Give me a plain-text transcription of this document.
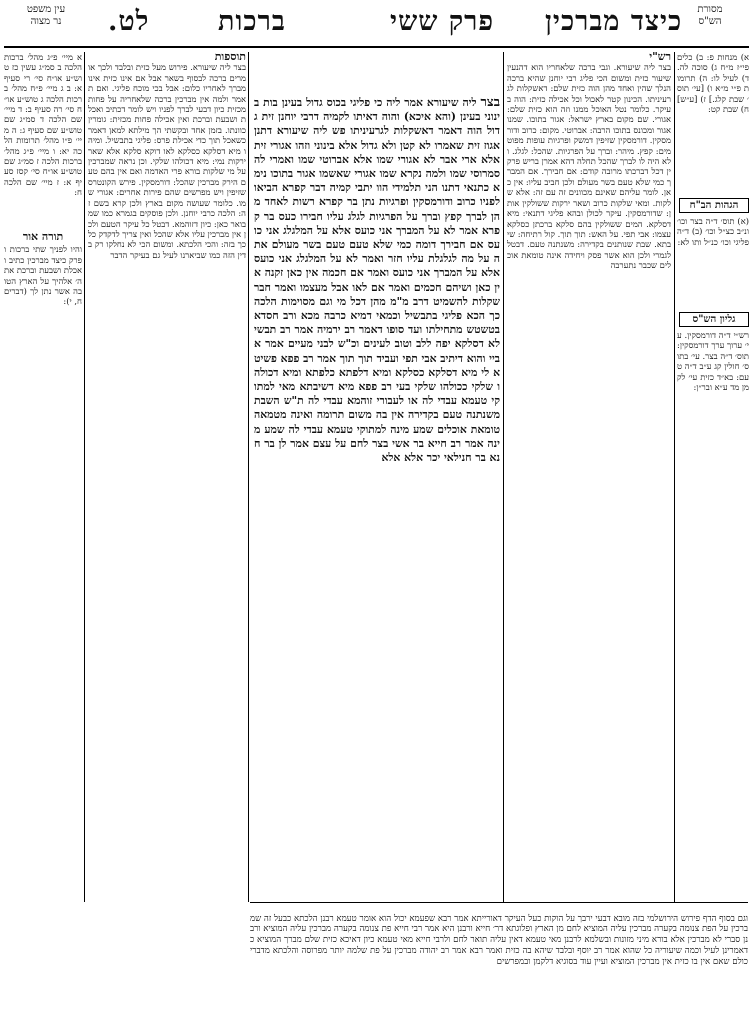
עין משפט
נר מצוה	לט.	ברכות	פרק ששי כיצד מברכין	מסורת
הש"ס

א מיי׳ פ״ג מהל׳ ברכות הלכה ב סמ״ג עשין כז טוש״ע או״ח סי׳ רי סעיף א: ב ג מיי׳ פ״ח מהל׳ ברכות הלכה ג טוש״ע או״ח סי׳ רה סעיף ב: ד מיי׳ שם הלכה ד סמ״ג שם טוש״ע שם סעיף ג: ה מיי׳ פ״ו מהל׳ תרומות הלכה יא: ו מיי׳ פ״ג מהל׳ ברכות הלכה ז סמ״ג שם טוש״ע או״ח סי׳ קסז סעיף א: ז מיי׳ שם הלכה ח:

תורה אור

והיו לפניך שתי ברכות ופרק כיצד מברכין כתיב ואכלת ושבעת וברכת את ה׳ אלהיך על הארץ הטובה אשר נתן לך (דברים ח, י):

תוספות

בצר ליה שיעורא. פירוש מעל כזית ובלבד ולכך אומרים ברכה לבסוף בשאר אבל אם אינו כזית אינו מברך לאחריו כלום: אבל בכי מוכח פליגי. ואם תאמר ולמה אין מברכין ברכה שלאחריה על פחות מכזית כיון דבעי לברך לפניו ויש לומר דכתיב ואכלת ושבעת וברכת ואין אכילה פחות מכזית: גומרין כוונתו. בזמן אחד ובקשתי הך מילתא למאן דאמר כשאכל תוך כדי אכילת פרס: פליגי בתבשיל. ומיהו מיא דסלקא כסלקא לאו דוקא סלקא אלא שאר ירקות נמי: מיא דכולהו שלקי. וכן נראה שמברכין על מי שלקות בורא פרי האדמה ואם אין בהם טעם הירק מברכין שהכל: דורמסקין. פירש הקונטרס שזיפין ויש מפרשים שהם פירות אחרים: אגורי שמו. כלומר שעושה מקום בארץ ולכן קרא בשם זה: הלכה כרבי יוחנן. ולכן פוסקים בגמרא כמו שמבואר כאן: כיון דזוהמא. דבטל כל עיקר הטעם ולכן אין מברכין עליו אלא שהכל ואין צריך לדקדק כל כך בזה: והכי הלכתא. ומשום הכי לא נחלקו רק בדין הזה כמו שביארנו לעיל גם בעיקר הדבר

בצר ליה שיעורא אמר ליה כי פליגי בכוס גדול בעינן בות בינוני בעינן (והא איכא) והוה דאיתו לקמיה דרבי יוחנן זית גדול הוה דאמר דאשקלות לגרעיניתו פש ליה שיעורא דתנן אגוז זית שאמרו לא קטן ולא גדול אלא בינוני וזהו אגורי זית אלא ארי אבר לא אגורי שמו אלא אברוטי שמו ואמרי לה סמרוסי שמו ולמה נקרא שמו אגורי שאשמו אגור בתוכו נימא כתנאי דתנו הני תלמידי הוו יתבי קמיה דבר קפרא הביאו לפניו כרוב ודורמסקין ופרגיות נתן בר קפרא רשות לאחד מהן לברך קפץ וברך על הפרגיות לגלג עליו חבירו כעס בר קפרא אמר לא על המברך אני כועס אלא על המלגלג אני כועס אם חבירך דומה כמי שלא טעם טעם בשר מעולם אתה על מה לגלגלת עליו חזר ואמר לא על המלגלג אני כועס אלא על המברך אני כועס ואמר אם חכמה אין כאן זקנה אין כאן ושיהם חכמים ואמר אם לאו אבל מעצמו ואמר חבר שקלות להשמיט דרב מ"מ מהן דכל מי וגם מסוימות הלכה כך הכא פליגי בתבשיל וכמאי דמיא כרבה מכא ורב חסדא בטשטש מתחילתו ועד סופו דאמר רב ירמיה אמר רב תבשילא דסלקא יפה ללב וטוב לעינים וכ"ש לבני מעיים אמר אביי והוא דיתיב אבי תפי ועביד תוך תוך אמר רב פפא פשיטא לי מיא דסלקא כסלקא ומיא דלפתא כלפתא ומיא דכולהו שלקי ככולהו שלקי בעי רב פפא מיא דשיבתא מאי למתוקי טעמא עבדי לה או לעבורי זוהמא עבדי לה ת"ש השבת משנתנה טעם בקדירה אין בה משום תרומה ואינה מטמאה טומאת אוכלים שמע מינה למתוקי טעמא עבדי לה שמע מינה אמר רב חייא בר אשי בצר לחם על עצם אמר לן בר חנא בר חנילאי יכר אלא אלא

רש"י

בצר ליה שיעורא. וגבי ברכה שלאחריו הוא דהנעין שיעור כזית ומשום הכי פליג רבי יוחנן שהיא ברכה הנלך שהין ואחד מהן הוה כזית שלם: דאשקלות לגרעיניתו. הכינון קטר לאכול וכל אכילה כזית: הוה בעיקר. כלומר נטל האוכל ממנו וזה הוא כזית שלם: אגורי. שם מקום בארץ ישראל: אגור בתוכו. שמנו אגור ומכונס בתוכו הרבה: אברוטי. מקום: כרוב ודורמסקין. דורמסקין שזיפין דמשק ופרגיות עופות מפוטמים: קפץ. מיהר: וברך על הפרגיות. שהכל: לגלג. ולא היה לו לברך שהכל תחלה דהא אמרן בריש פרקין דכל דברכתו מרובה קודם: אם חבירך. אם המברך כמי שלא טעם בשר מעולם ולכן חביב עליו: אין כאן. לומר עליהם שאינם מכוונים זה עם זה: אלא שלקות. ומאי שלקות כרוב ושאר ירקות ששולקין אותן: שדורמסקין. עיקר לכולן ובהא פליגי דתנאי: מיא דסלקא. המים ששולקין בהם סלקא ברכתן כסלקא עצמו: אבי תפי. על האש: תוך תוך. קול רתיחה: שיבתא. שבת שנותנים בקדירה: משנתנה טעם. דבטל לגמרי ולכן הוא אשר פסק ויחידה אינה טומאת אוכלים שכבר נתערבה

א) מנחות פ: ב) כלים פי״ז מ״ח ג) סוכה לה. ד) לעיל לו: ה) תרומות פ״י מ״א ו) [עי׳ תוס׳ שבת קלג.] ז) [ע״ש] ח) שבת קט:

הגהות הב"ח

(א) תוס׳ ד״ה בצר וכו׳ ונ״ב כצ״ל וכו׳ (ב) ד״ה פליגי וכו׳ כנ״ל ותו לא:

גליון הש"ס

רש״י ד״ה דורמסקין. עי׳ ערוך ערך דורמסקין: תוס׳ ד״ה בצר. עי׳ בתוס׳ חולין קג ע״ב ד״ה טעם: בא״ד כזית עי׳ לקמן מד ע״א ובר״ן:

וגם בסוף הדף פירוש הירושלמי בזה מובא דבעי ירבך על הוקות כעל העיקר דאורייתא אמר רבא שפעמא יכול הוא אומר טעמא רבנן הלכתא כבעל זה שמברכין על הפת צנומה בקערה מברכין עליה המוציא לחם מן הארץ ופלוגתא דר׳ חייא ורבנן היא אמר רבי חייא פת צנומה בקערה מברכין עליה המוציא ורבנן סברי לא מברכין אלא בורא מיני מזונות ובשלמא לרבנן מאי טעמא דאין עליה תואר לחם ולרבי חייא מאי טעמא כיון דאיכא כזית שלם מברך המוציא כדאמרינן לעיל וכמה שיעוריה כל שהוא אמר רב יוסף ובלבד שיהא בה כזית ואמר רבא אמר רב יהודה מברכין על פת שלמה יותר מפרוסה והלכתא מדברי כולם שאם אין בו כזית אין מברכין המוציא ועיין עוד בסוגיא דלקמן ובמפרשים
